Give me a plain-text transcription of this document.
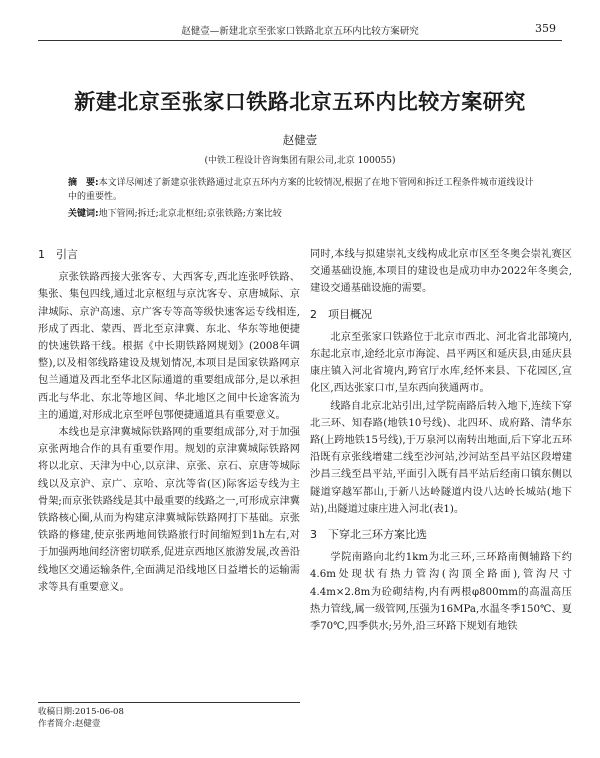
赵健壹—新建北京至张家口铁路北京五环内比较方案研究	359
新建北京至张家口铁路北京五环内比较方案研究
赵健壹
(中铁工程设计咨询集团有限公司,北京 100055)
摘　要:本文详尽阐述了新建京张铁路通过北京五环内方案的比较情况,根据了在地下管网和拆迁工程条件城市道线设计中的重要性。
关键词:地下管网;拆迁;北京北枢纽;京张铁路;方案比较
1　引言

京张铁路西接大张客专、大西客专,西北连张呼铁路、集张、集包四线,通过北京枢纽与京沈客专、京唐城际、京津城际、京沪高速、京广客专等高等级快速客运专线相连,形成了西北、蒙西、晋北至京津冀、东北、华东等地便捷的快速铁路干线。根据《中长期铁路网规划》(2008年调整),以及相邻线路建设及规划情况,本项目是国家铁路网京包兰通道及西北至华北区际通道的重要组成部分,是以承担西北与华北、东北等地区间、华北地区之间中长途客流为主的通道,对形成北京至呼包鄂便捷通道具有重要意义。

本线也是京津冀城际铁路网的重要组成部分,对于加强京张两地合作的具有重要作用。规划的京津冀城际铁路网将以北京、天津为中心,以京津、京张、京石、京唐等城际线以及京沪、京广、京哈、京沈等省(区)际客运专线为主骨架;而京张铁路线是其中最重要的线路之一,可形成京津冀铁路核心圈,从而为构建京津冀城际铁路网打下基础。京张铁路的修建,使京张两地间铁路旅行时间缩短到1h左右,对于加强两地间经济密切联系,促进京西地区旅游发展,改善沿线地区交通运输条件,全面满足沿线地区日益增长的运输需求等具有重要意义。

同时,本线与拟建崇礼支线构成北京市区至冬奥会崇礼赛区交通基础设施,本项目的建设也是成功申办2022年冬奥会,建设交通基础设施的需要。

2　项目概况

北京至张家口铁路位于北京市西北、河北省北部境内,东起北京市,途经北京市海淀、昌平两区和延庆县,由延庆县康庄镇入河北省境内,跨官厅水库,经怀来县、下花园区,宣化区,西达张家口市,呈东西向狭通两市。

线路自北京北站引出,过学院南路后转入地下,连续下穿北三环、知春路(地铁10号线)、北四环、成府路、清华东路(上跨地铁15号线),于万泉河以南转出地面,后下穿北五环沿既有京张线增建二线至沙河站,沙河站至昌平站区段增建沙昌三线至昌平站,平面引入既有昌平站后经南口镇东侧以隧道穿越军都山,于新八达岭隧道内设八达岭长城站(地下站),出隧道过康庄进入河北(表1)。

3　下穿北三环方案比选

学院南路向北约1km为北三环,三环路南侧辅路下约4.6m处现状有热力管沟(沟顶全路面),管沟尺寸4.4m×2.8m为砼砌结构,内有两根φ800mm的高温高压热力管线,属一级管网,压强为16MPa,水温冬季150℃、夏季70℃,四季供水;另外,沿三环路下规划有地铁

收稿日期:2015-06-08
作者简介:赵健壹
